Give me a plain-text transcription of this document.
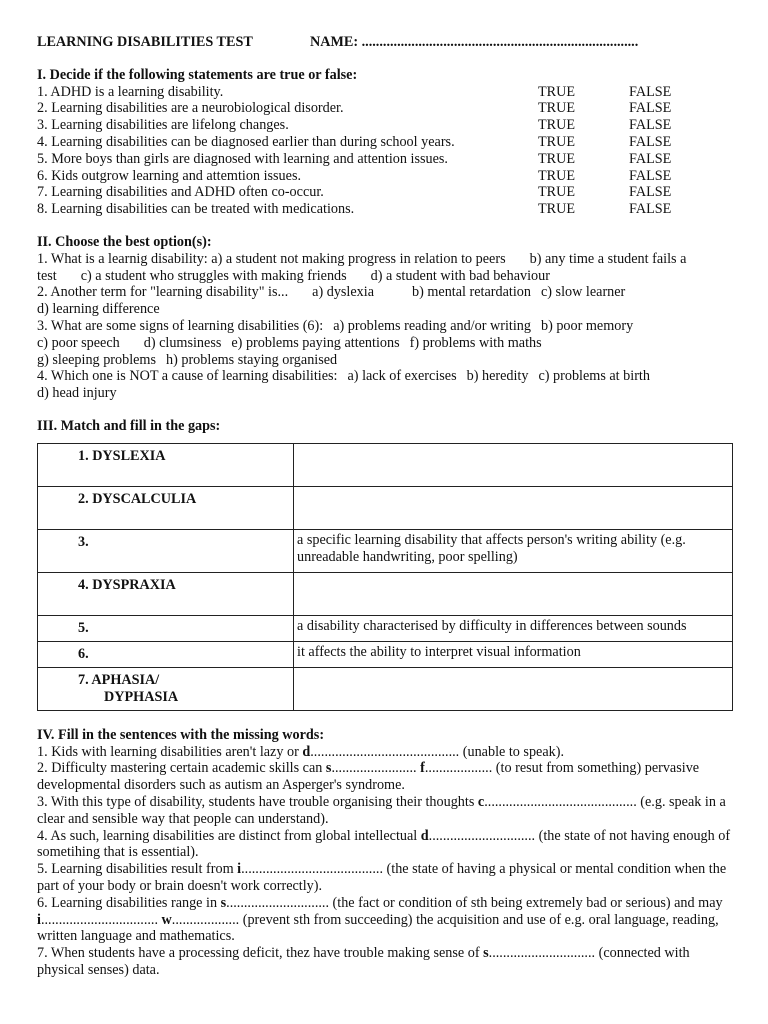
LEARNING DISABILITIES TEST	NAME: ..............................................................................
I. Decide if the following statements are true or false:
1. ADHD is a learning disability.	TRUE	FALSE
2. Learning disabilities are a neurobiological disorder.	TRUE	FALSE
3. Learning disabilities are lifelong changes.	TRUE	FALSE
4. Learning disabilities can be diagnosed earlier than during school years.	TRUE	FALSE
5. More boys than girls are diagnosed with learning and attention issues.	TRUE	FALSE
6. Kids outgrow learning and attemtion issues.	TRUE	FALSE
7. Learning disabilities and ADHD often co-occur.	TRUE	FALSE
8. Learning disabilities can be treated with medications.	TRUE	FALSE
II. Choose the best option(s):
1. What is a learnig disability: a) a student not making progress in relation to peers b) any time a student fails a test c) a student who struggles with making friends d) a student with bad behaviour
2. Another term for "learning disability" is... a) dyslexia	b) mental retardation c) slow learner
d) learning difference
3. What are some signs of learning disabilities (6): a) problems reading and/or writing b) poor memory
c) poor speech d) clumsiness e) problems paying attentions f) problems with maths
g) sleeping problems h) problems staying organised
4. Which one is NOT a cause of learning disabilities: a) lack of exercises b) heredity c) problems at birth
d) head injury
III. Match and fill in the gaps:
1. DYSLEXIA	
2. DYSCALCULIA	
3.	a specific learning disability that affects person's writing ability (e.g. unreadable handwriting, poor spelling)
4. DYSPRAXIA	
5.	a disability characterised by difficulty in differences between sounds
6.	it affects the ability to interpret visual information
7. APHASIA/
DYPHASIA	

IV. Fill in the sentences with the missing words:
1. Kids with learning disabilities aren't lazy or d.......................................... (unable to speak).
2. Difficulty mastering certain academic skills can s........................ f................... (to resut from something) pervasive developmental disorders such as autism an Asperger's syndrome.
3. With this type of disability, students have trouble organising their thoughts c........................................... (e.g. speak in a clear and sensible way that people can understand).
4. As such, learning disabilities are distinct from global intellectual d.............................. (the state of not having enough of sometihing that is essential).
5. Learning disabilities result from i........................................ (the state of having a physical or mental condition when the part of your body or brain doesn't work correctly).
6. Learning disabilities range in s............................. (the fact or condition of sth being extremely bad or serious) and may i................................. w................... (prevent sth from succeeding) the acquisition and use of e.g. oral language, reading, written language and mathematics.
7. When students have a processing deficit, thez have trouble making sense of s.............................. (connected with physical senses) data.
